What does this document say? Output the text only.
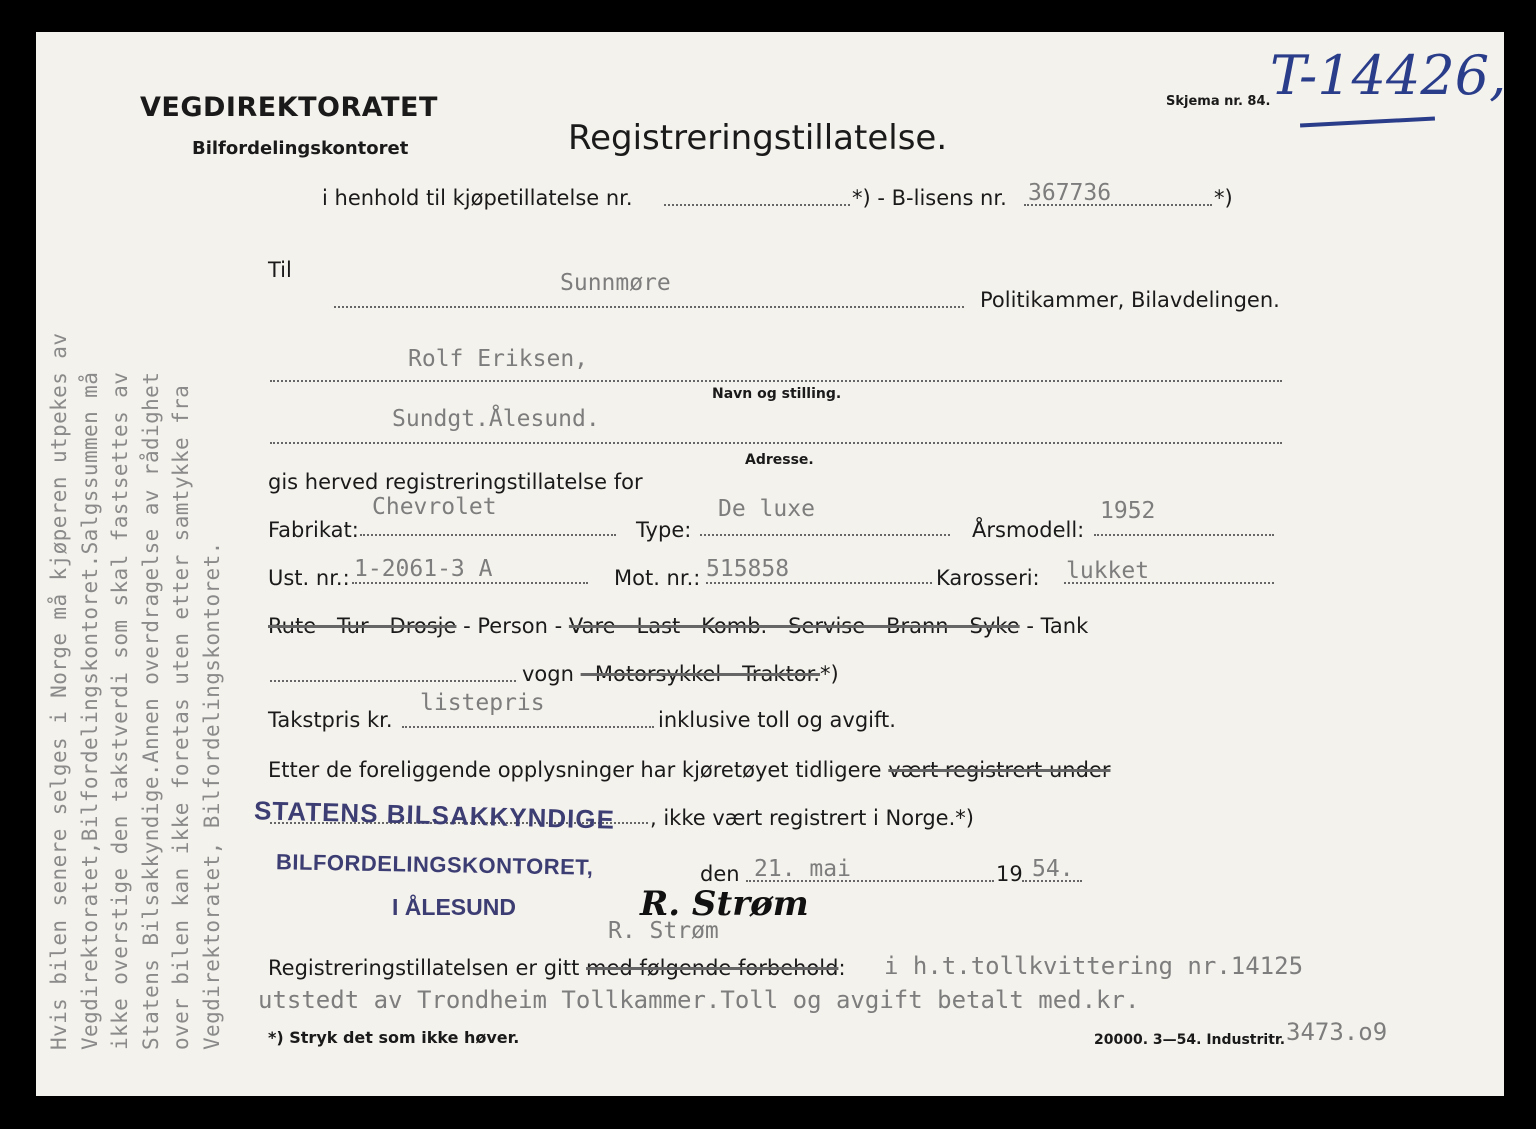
Hvis bilen senere selges i Norge må kjøperen utpekes av Vegdirektoratet,Bilfordelingskontoret.Salgssummen må ikke overstige den takstverdi som skal fastsettes av Statens Bilsakkyndige.Annen overdragelse av rådighet over bilen kan ikke foretas uten etter samtykke fra Vegdirektoratet, Bilfordelingskontoret.
VEGDIREKTORATET
Bilfordelingskontoret
Skjema nr. 84. T-14426,
Registreringstillatelse.
i henhold til kjøpetillatelse nr.	*) - B-lisens nr. 367736	*)
Til	Sunnmøre
Politikammer, Bilavdelingen.
Rolf Eriksen,
Navn og stilling.
Sundgt.Ålesund.
Adresse.
gis herved registreringstillatelse for
Fabrikat:
Chevrolet
Type:
De luxe
Årsmodell:
1952
Ust. nr.: 1-2061-3 A	Mot. nr.: 515858	Karosseri: lukket
Rute - Tur - Drosje - Person - Vare - Last - Komb. - Servise - Brann - Syke - Tank
vogn - Motorsykkel - Traktor.*)
Takstpris kr.
listepris
inklusive toll og avgift.
Etter de foreliggende opplysninger har kjøretøyet tidligere vært registrert under
, ikke vært registrert i Norge.*)
STATENS BILSAKKYNDIGE
BILFORDELINGSKONTORET,
I ÅLESUND
den 21. mai	19 54.
R. Strøm
R. Strøm
Registreringstillatelsen er gitt med følgende forbehold: i h.t.tollkvittering nr.14125
utstedt av Trondheim Tollkammer.Toll og avgift betalt med.kr.
3473.o9
*) Stryk det som ikke høver.	20000. 3—54. Industritr.
